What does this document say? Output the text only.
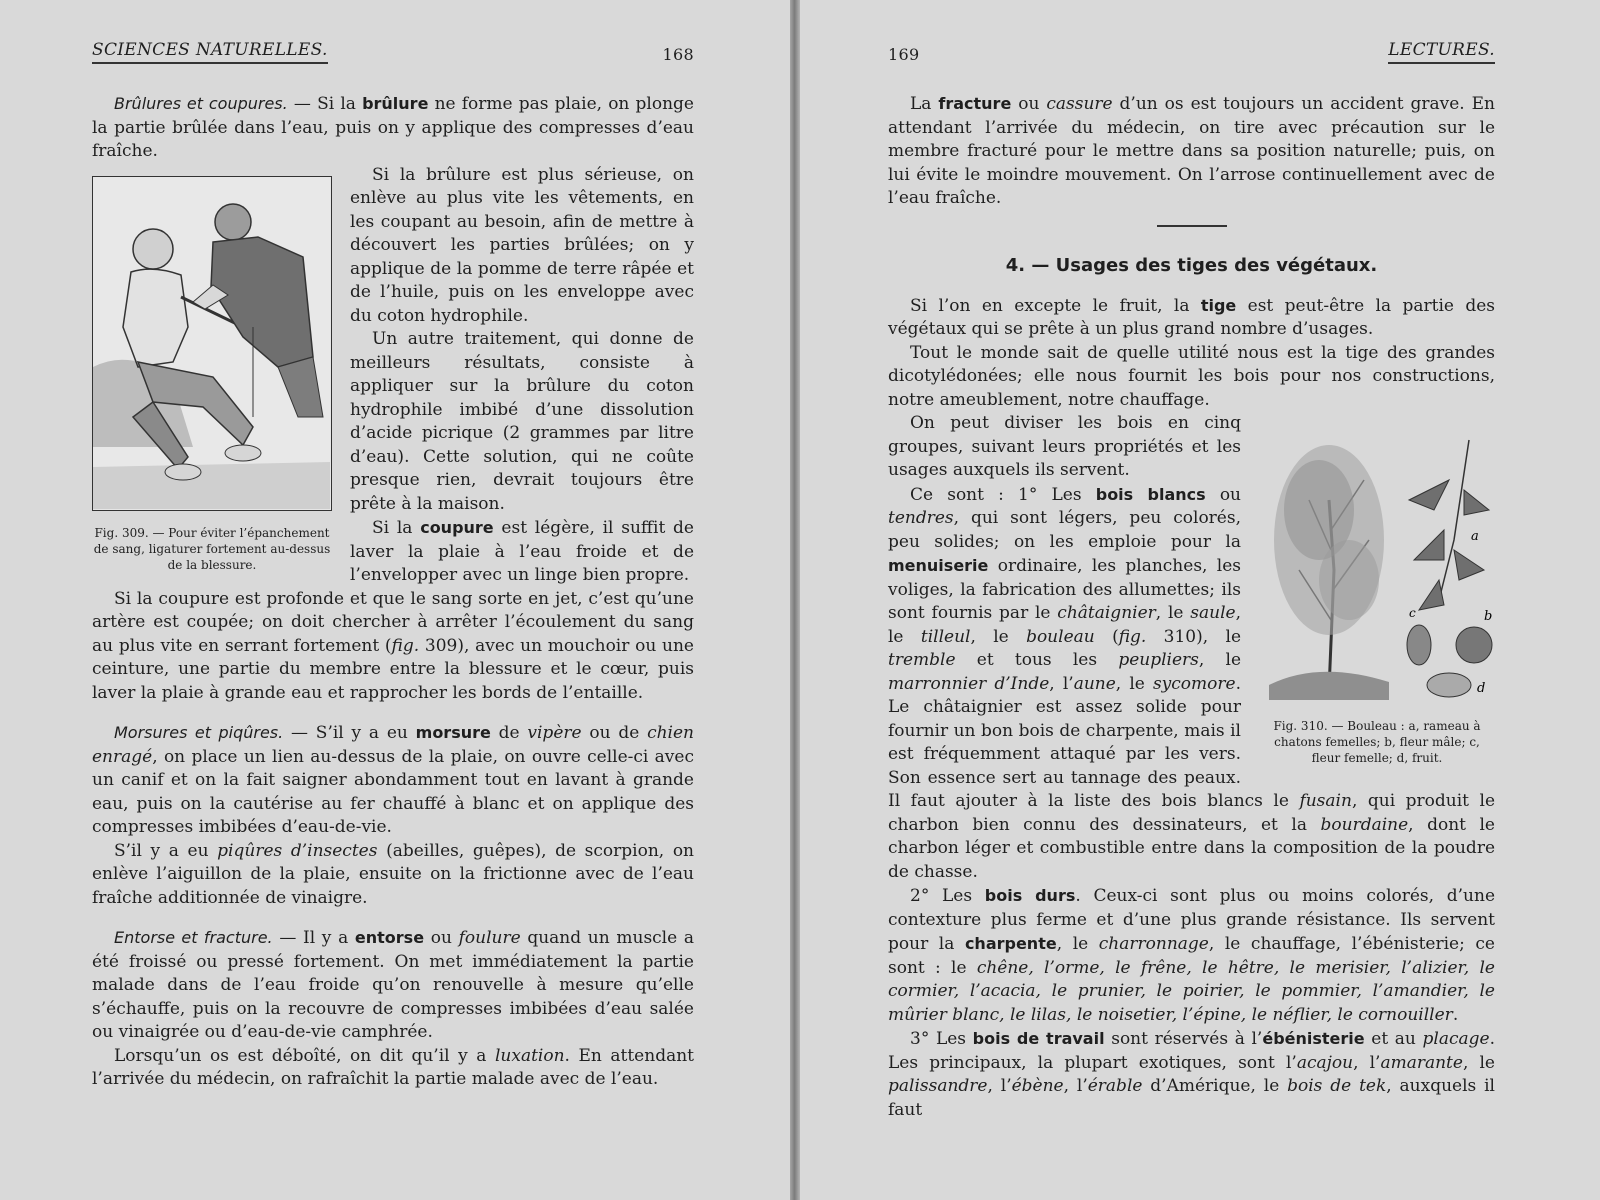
SCIENCES NATURELLES.	168

Brûlures et coupures. — Si la brûlure ne forme pas plaie, on plonge la partie brûlée dans l’eau, puis on y applique des compresses d’eau fraîche.

Fig. 309. — Pour éviter l’épanchement de sang, ligaturer fortement au-dessus de la blessure.

Si la brûlure est plus sérieuse, on enlève au plus vite les vêtements, en les coupant au besoin, afin de mettre à découvert les parties brûlées; on y applique de la pomme de terre râpée et de l’huile, puis on les enveloppe avec du coton hydrophile.

Un autre traitement, qui donne de meilleurs résultats, consiste à appliquer sur la brûlure du coton hydrophile imbibé d’une dissolution d’acide picrique (2 grammes par litre d’eau). Cette solution, qui ne coûte presque rien, devrait toujours être prête à la maison.

Si la coupure est légère, il suffit de laver la plaie à l’eau froide et de l’envelopper avec un linge bien propre.

Si la coupure est profonde et que le sang sorte en jet, c’est qu’une artère est coupée; on doit chercher à arrêter l’écoulement du sang au plus vite en serrant fortement (fig. 309), avec un mouchoir ou une ceinture, une partie du membre entre la blessure et le cœur, puis laver la plaie à grande eau et rapprocher les bords de l’entaille.

Morsures et piqûres. — S’il y a eu morsure de vipère ou de chien enragé, on place un lien au-dessus de la plaie, on ouvre celle-ci avec un canif et on la fait saigner abondamment tout en lavant à grande eau, puis on la cautérise au fer chauffé à blanc et on applique des compresses imbibées d’eau-de-vie.

S’il y a eu piqûres d’insectes (abeilles, guêpes), de scorpion, on enlève l’aiguillon de la plaie, ensuite on la frictionne avec de l’eau fraîche additionnée de vinaigre.

Entorse et fracture. — Il y a entorse ou foulure quand un muscle a été froissé ou pressé fortement. On met immédiatement la partie malade dans de l’eau froide qu’on renouvelle à mesure qu’elle s’échauffe, puis on la recouvre de compresses imbibées d’eau salée ou vinaigrée ou d’eau-de-vie camphrée.

Lorsqu’un os est déboîté, on dit qu’il y a luxation. En attendant l’arrivée du médecin, on rafraîchit la partie malade avec de l’eau.

169	LECTURES.

La fracture ou cassure d’un os est toujours un accident grave. En attendant l’arrivée du médecin, on tire avec précaution sur le membre fracturé pour le mettre dans sa position naturelle; puis, on lui évite le moindre mouvement. On l’arrose continuellement avec de l’eau fraîche.

4. — Usages des tiges des végétaux.

Si l’on en excepte le fruit, la tige est peut-être la partie des végétaux qui se prête à un plus grand nombre d’usages.

Tout le monde sait de quelle utilité nous est la tige des grandes dicotylédonées; elle nous fournit les bois pour nos constructions, notre ameublement, notre chauffage.

a
c	b
d
Fig. 310. — Bouleau : a, rameau à chatons femelles; b, fleur mâle; c, fleur femelle; d, fruit.

On peut diviser les bois en cinq groupes, suivant leurs propriétés et les usages auxquels ils servent.

Ce sont : 1° Les bois blancs ou tendres, qui sont légers, peu colorés, peu solides; on les emploie pour la menuiserie ordinaire, les planches, les voliges, la fabrication des allumettes; ils sont fournis par le châtaignier, le saule, le tilleul, le bouleau (fig. 310), le tremble et tous les peupliers, le marronnier d’Inde, l’aune, le sycomore. Le châtaignier est assez solide pour fournir un bon bois de charpente, mais il est fréquemment attaqué par les vers. Son essence sert au tannage des peaux. Il faut ajouter à la liste des bois blancs le fusain, qui produit le charbon bien connu des dessinateurs, et la bourdaine, dont le charbon léger et combustible entre dans la composition de la poudre de chasse.

2° Les bois durs. Ceux-ci sont plus ou moins colorés, d’une contexture plus ferme et d’une plus grande résistance. Ils servent pour la charpente, le charronnage, le chauffage, l’ébénisterie; ce sont : le chêne, l’orme, le frêne, le hêtre, le merisier, l’alizier, le cormier, l’acacia, le prunier, le poirier, le pommier, l’amandier, le mûrier blanc, le lilas, le noisetier, l’épine, le néflier, le cornouiller.

3° Les bois de travail sont réservés à l’ébénisterie et au placage. Les principaux, la plupart exotiques, sont l’acajou, l’amarante, le palissandre, l’ébène, l’érable d’Amérique, le bois de tek, auxquels il faut
